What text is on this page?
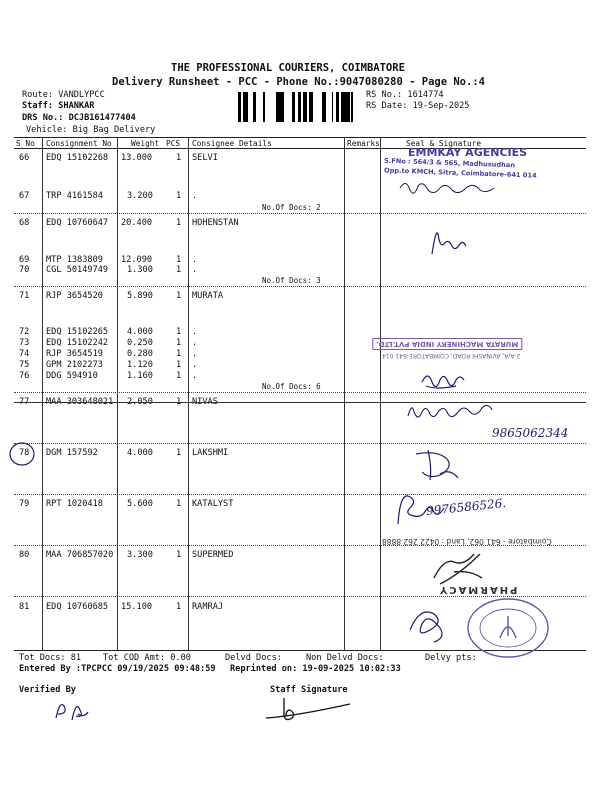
THE PROFESSIONAL COURIERS, COIMBATORE
Delivery Runsheet - PCC - Phone No.:9047080280 - Page No.:4
Route: VANDLYPCC
Staff: SHANKAR
DRS No.: DCJB161477404
Vehicle: Big Bag Delivery
RS No.: 1614774
RS Date: 19-Sep-2025
S No Consignment No Weight PCS Consignee Details	Remarks	Seal & Signature
66 EDQ 15102268 13.000	1 SELVI
67 TRP 4161584	3.200	1 .
No.Of Docs: 2
68 EDQ 10760647 20.400	1 HOHENSTAN
69 MTP 1383809 12.090	1 .
70 CGL 50149749 1.300	1 .
No.Of Docs: 3
71 RJP 3654520	5.890	1 MURATA
72 EDQ 15102265 4.000	1 .
73 EDQ 15102242 0.250	1 .
74 RJP 3654519	0.280	1 .
75 GPM 2102273	1.120	1 .
76 DDG 594910	1.160	1 .
No.Of Docs: 6
77 MAA 303648021 2.050	1 NIVAS
78 DGM 157592	4.000	1 LAKSHMI
79 RPT 1020418	5.600	1 KATALYST
80 MAA 706857020 3.300	1 SUPERMED
81 EDQ 10760685 15.100	1 RAMRAJ
EMMKAY AGENCIES
S.FNo : 564/3 & 565, Madhusudhan
Opp.to KMCH, Sitra, Coimbatore-641 014
MURATA MACHINERY INDIA PVT.LTD.
2-A/A, AVINASHI ROAD, COIMBATORE-641 014
9865062344
9976586526.
Coimbatore - 641 062. Land : 0422 262 8888
PHARMACY
Tot Docs: 81	Tot COD Amt: 0.00	Delvd Docs:	Non Delvd Docs:	Delvy pts:
Entered By :TPCPCC 09/19/2025 09:48:59 Reprinted on: 19-09-2025 10:02:33
Verified By	Staff Signature
